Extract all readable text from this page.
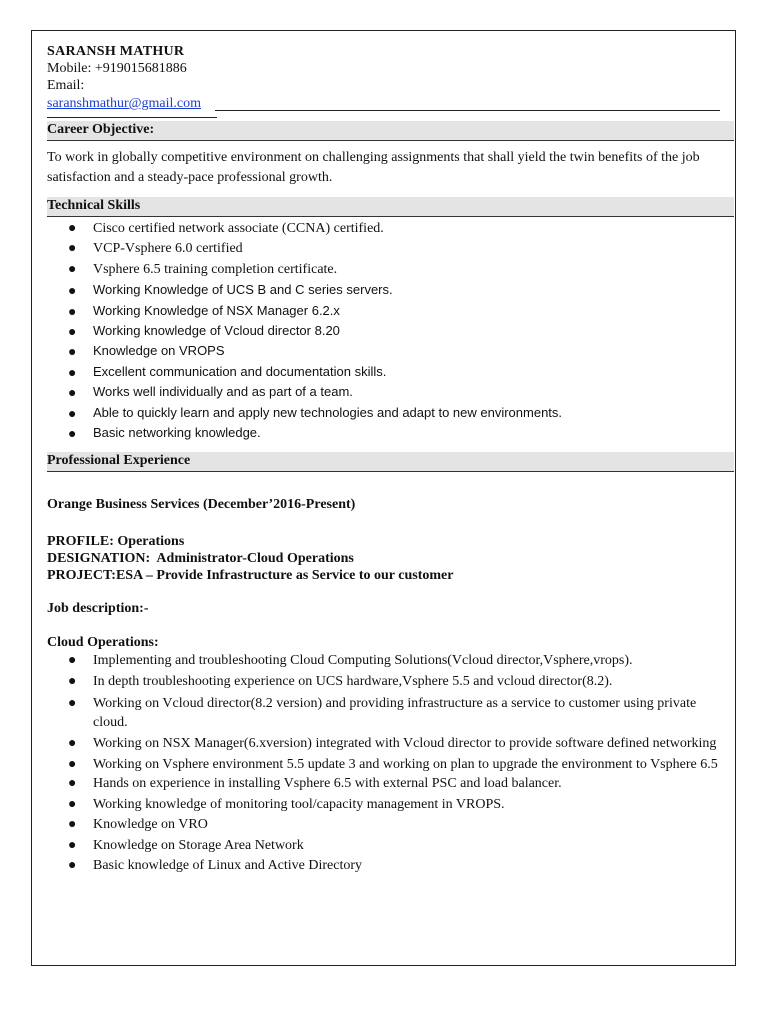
SARANSH MATHUR
Mobile: +919015681886
Email:
saranshmathur@gmail.com
Career Objective:
To work in globally competitive environment on challenging assignments that shall yield the twin benefits of the job satisfaction and a steady-pace professional growth.
Technical Skills
● Cisco certified network associate (CCNA) certified.
● VCP-Vsphere 6.0 certified
● Vsphere 6.5 training completion certificate.
● Working Knowledge of UCS B and C series servers.
● Working Knowledge of NSX Manager 6.2.x
● Working knowledge of Vcloud director 8.20
● Knowledge on VROPS
● Excellent communication and documentation skills.
● Works well individually and as part of a team.
● Able to quickly learn and apply new technologies and adapt to new environments.
● Basic networking knowledge.
Professional Experience
Orange Business Services (December’2016-Present)
PROFILE: Operations
DESIGNATION:  Administrator-Cloud Operations
PROJECT:ESA – Provide Infrastructure as Service to our customer
Job description:-
Cloud Operations:
● Implementing and troubleshooting Cloud Computing Solutions(Vcloud director,Vsphere,vrops).
● In depth troubleshooting experience on UCS hardware,Vsphere 5.5 and vcloud director(8.2).
● Working on Vcloud director(8.2 version) and providing infrastructure as a service to customer using private cloud.
● Working on NSX Manager(6.xversion) integrated with Vcloud director to provide software defined networking
● Working on Vsphere environment 5.5 update 3 and working on plan to upgrade the environment to Vsphere 6.5
● Hands on experience in installing Vsphere 6.5 with external PSC and load balancer.
● Working knowledge of monitoring tool/capacity management in VROPS.
● Knowledge on VRO
● Knowledge on Storage Area Network
● Basic knowledge of Linux and Active Directory
